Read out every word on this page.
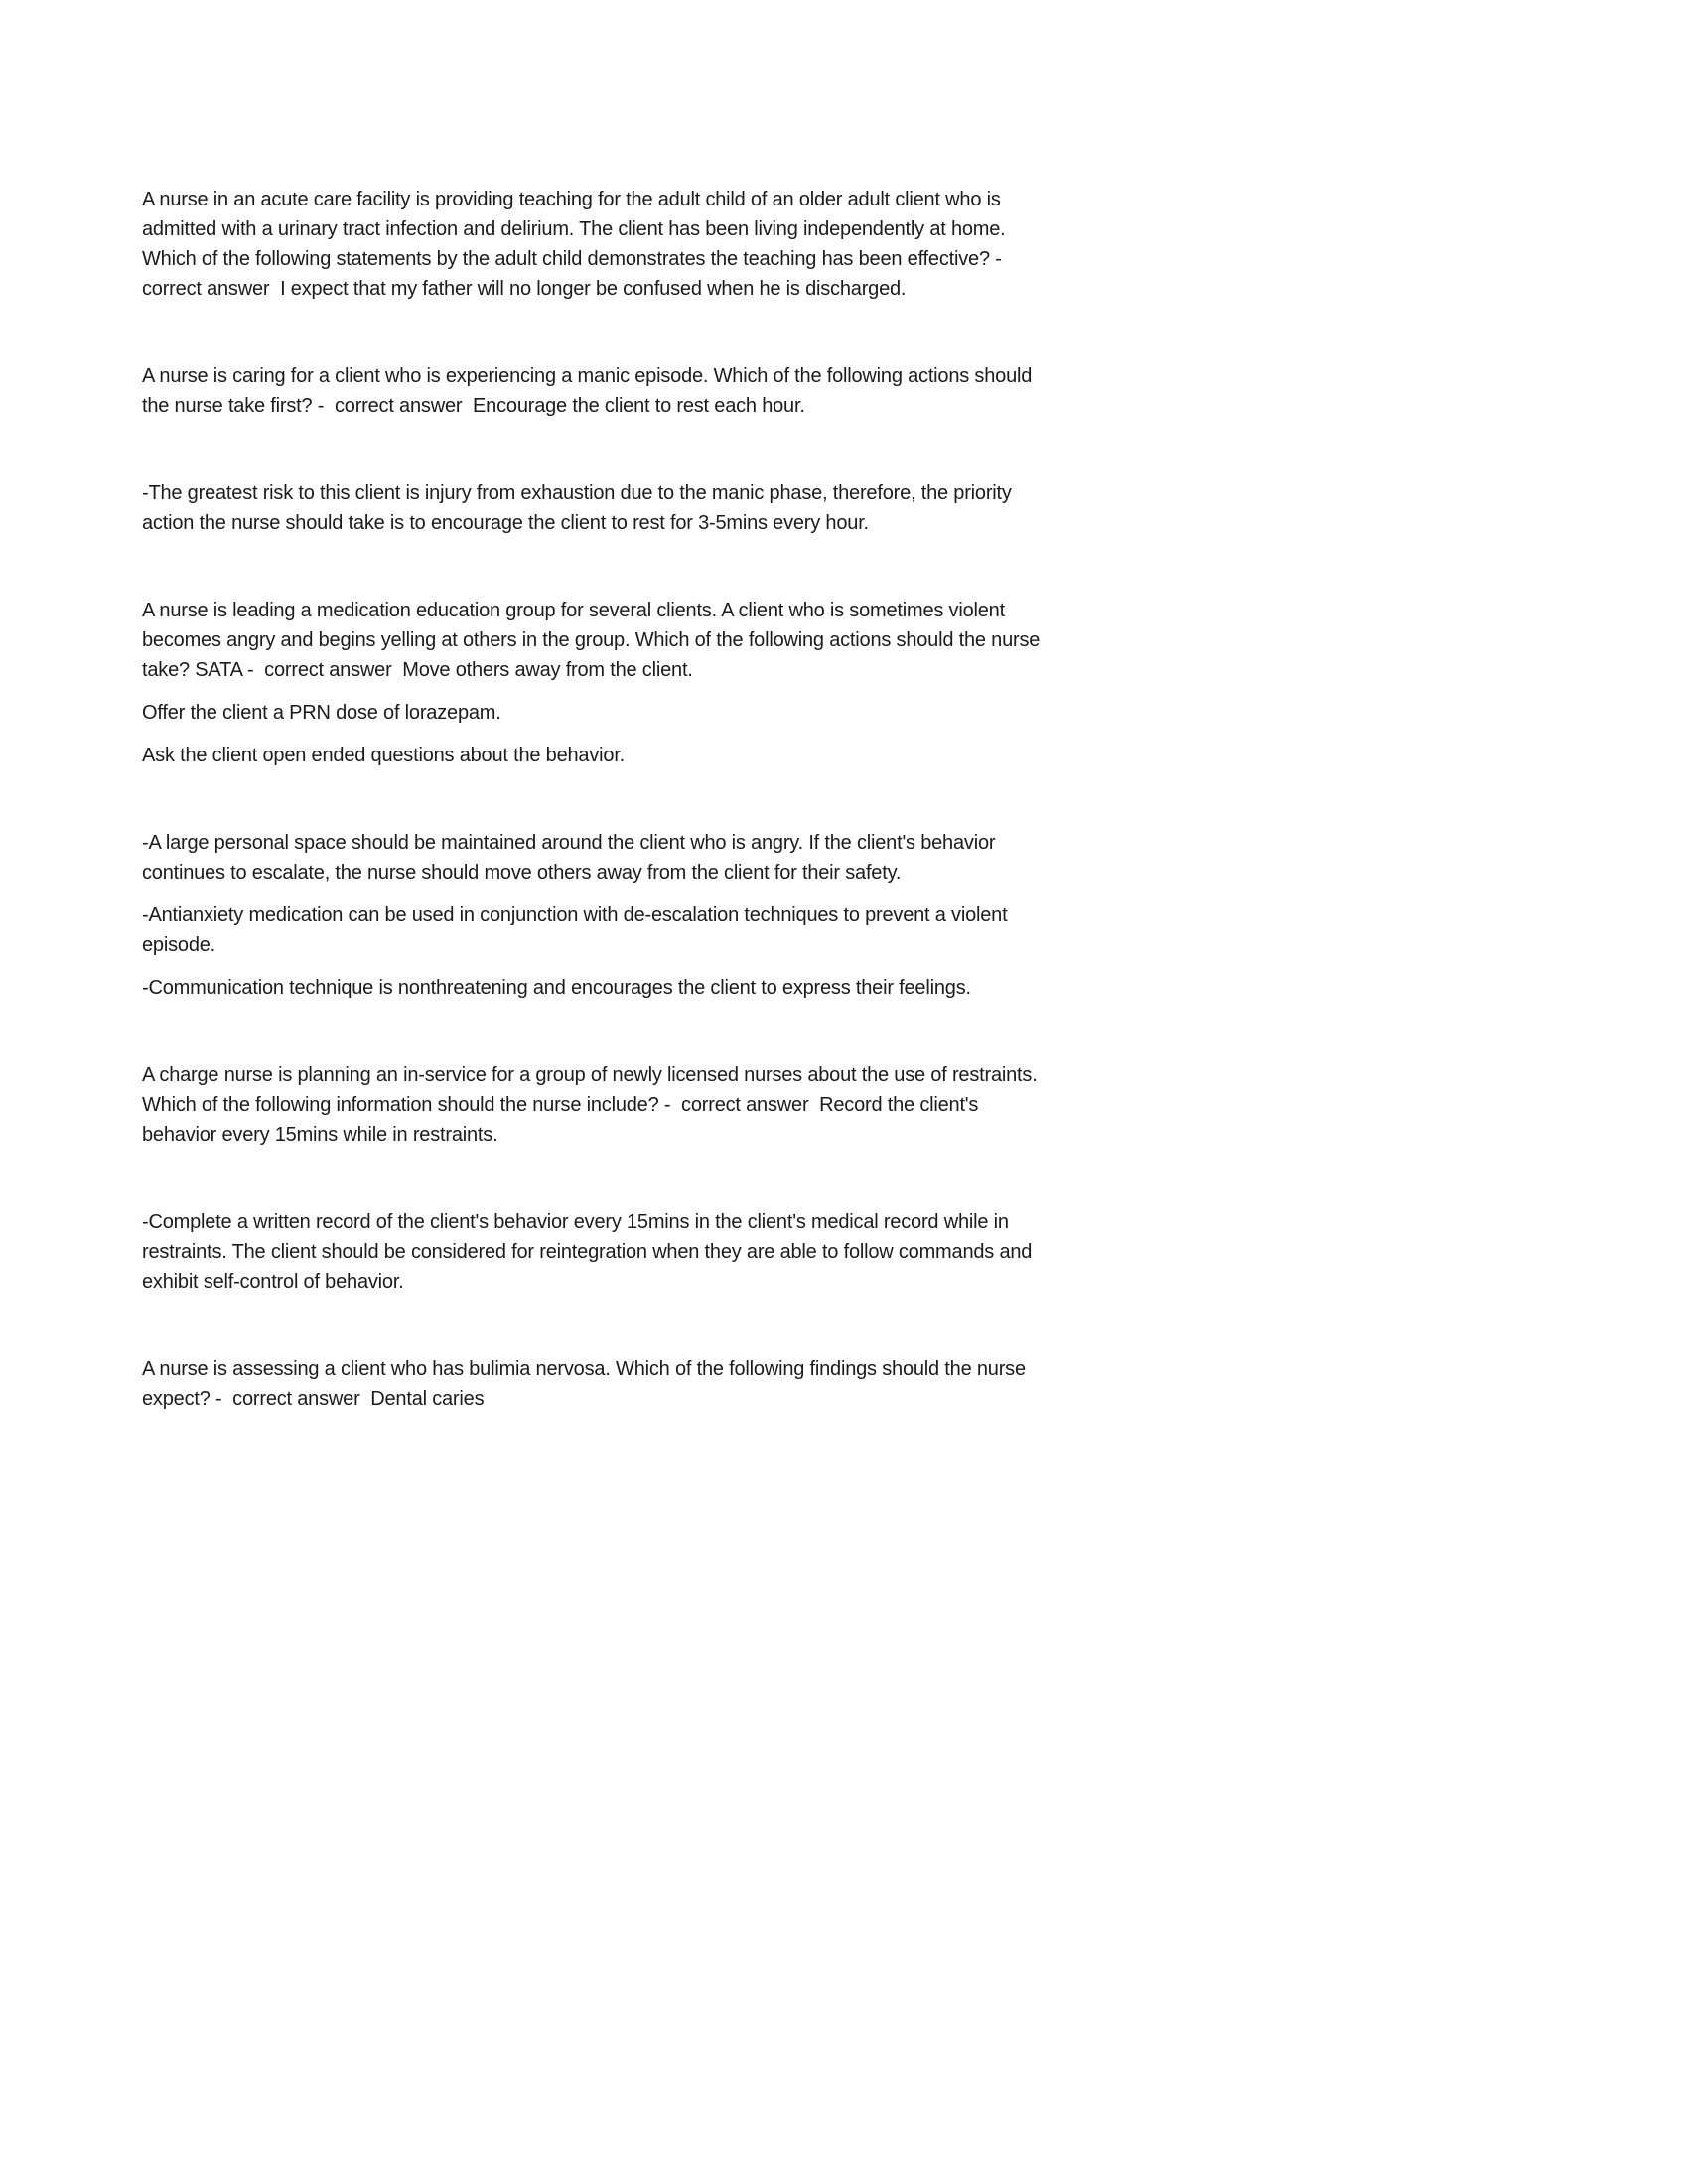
A nurse in an acute care facility is providing teaching for the adult child of an older adult client who is admitted with a urinary tract infection and delirium. The client has been living independently at home. Which of the following statements by the adult child demonstrates the teaching has been effective? -  correct answer  I expect that my father will no longer be confused when he is discharged.

A nurse is caring for a client who is experiencing a manic episode. Which of the following actions should the nurse take first? -  correct answer  Encourage the client to rest each hour.

-The greatest risk to this client is injury from exhaustion due to the manic phase, therefore, the priority action the nurse should take is to encourage the client to rest for 3-5mins every hour.

A nurse is leading a medication education group for several clients. A client who is sometimes violent becomes angry and begins yelling at others in the group. Which of the following actions should the nurse take? SATA -  correct answer  Move others away from the client.

Offer the client a PRN dose of lorazepam.

Ask the client open ended questions about the behavior.

-A large personal space should be maintained around the client who is angry. If the client's behavior continues to escalate, the nurse should move others away from the client for their safety.

-Antianxiety medication can be used in conjunction with de-escalation techniques to prevent a violent episode.

-Communication technique is nonthreatening and encourages the client to express their feelings.

A charge nurse is planning an in-service for a group of newly licensed nurses about the use of restraints. Which of the following information should the nurse include? -  correct answer  Record the client's behavior every 15mins while in restraints.

-Complete a written record of the client's behavior every 15mins in the client's medical record while in restraints. The client should be considered for reintegration when they are able to follow commands and exhibit self-control of behavior.

A nurse is assessing a client who has bulimia nervosa. Which of the following findings should the nurse expect? -  correct answer  Dental caries
